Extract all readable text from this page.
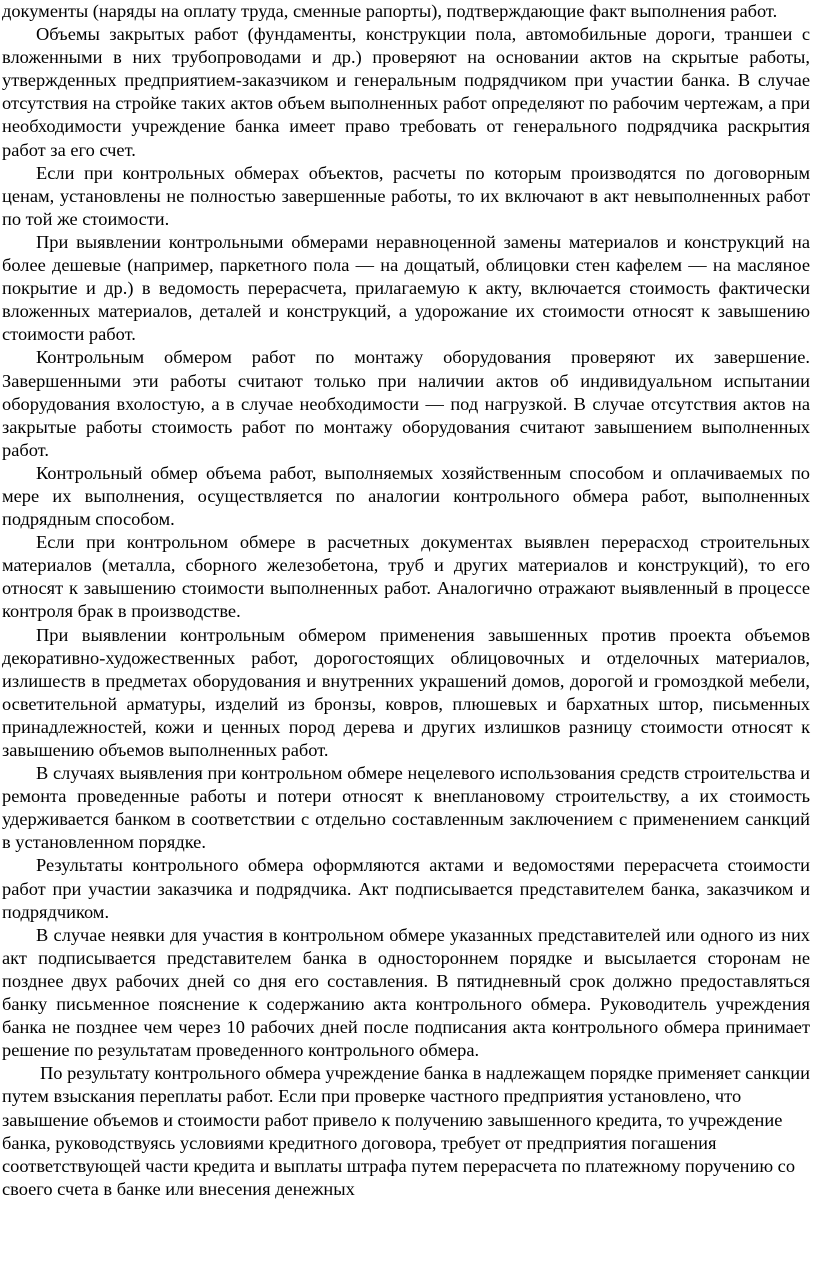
документы (наряды на оплату труда, сменные рапорты), подтверждающие факт выполнения работ.

Объемы закрытых работ (фундаменты, конструкции пола, автомобильные дороги, траншеи с вложенными в них трубопроводами и др.) проверяют на основании актов на скрытые работы, утвержденных предприятием-заказчиком и генеральным подрядчиком при участии банка. В случае отсутствия на стройке таких актов объем выполненных работ определяют по рабочим чертежам, а при необходимости учреждение банка имеет право требовать от генерального подрядчика раскрытия работ за его счет.

Если при контрольных обмерах объектов, расчеты по которым производятся по договорным ценам, установлены не полностью завершенные работы, то их включают в акт невыполненных работ по той же стоимости.

При выявлении контрольными обмерами неравноценной замены материалов и конструкций на более дешевые (например, паркетного пола — на дощатый, облицовки стен кафелем — на масляное покрытие и др.) в ведомость перерасчета, прилагаемую к акту, включается стоимость фактически вложенных материалов, деталей и конструкций, а удорожание их стоимости относят к завышению стоимости работ.

Контрольным обмером работ по монтажу оборудования проверяют их завершение. Завершенными эти работы считают только при наличии актов об индивидуальном испытании оборудования вхолостую, а в случае необходимости — под нагрузкой. В случае отсутствия актов на закрытые работы стоимость работ по монтажу оборудования считают завышением выполненных работ.

Контрольный обмер объема работ, выполняемых хозяйственным способом и оплачиваемых по мере их выполнения, осуществляется по аналогии контрольного обмера работ, выполненных подрядным способом.

Если при контрольном обмере в расчетных документах выявлен перерасход строительных материалов (металла, сборного железобетона, труб и других материалов и конструкций), то его относят к завышению стоимости выполненных работ. Аналогично отражают выявленный в процессе контроля брак в производстве.

При выявлении контрольным обмером применения завышенных против проекта объемов декоративно-художественных работ, дорогостоящих облицовочных и отделочных материалов, излишеств в предметах оборудования и внутренних украшений домов, дорогой и громоздкой мебели, осветительной арматуры, изделий из бронзы, ковров, плюшевых и бархатных штор, письменных принадлежностей, кожи и ценных пород дерева и других излишков разницу стоимости относят к завышению объемов выполненных работ.

В случаях выявления при контрольном обмере нецелевого использования средств строительства и ремонта проведенные работы и потери относят к внеплановому строительству, а их стоимость удерживается банком в соответствии с отдельно составленным заключением с применением санкций в установленном порядке.

Результаты контрольного обмера оформляются актами и ведомостями перерасчета стоимости работ при участии заказчика и подрядчика. Акт подписывается представителем банка, заказчиком и подрядчиком.

В случае неявки для участия в контрольном обмере указанных представителей или одного из них акт подписывается представителем банка в одностороннем порядке и высылается сторонам не позднее двух рабочих дней со дня его составления. В пятидневный срок должно предоставляться банку письменное пояснение к содержанию акта контрольного обмера. Руководитель учреждения банка не позднее чем через 10 рабочих дней после подписания акта контрольного обмера принимает решение по результатам проведенного контрольного обмера.

По результату контрольного обмера учреждение банка в надлежащем порядке применяет санкции путем взыскания переплаты работ. Если при проверке частного предприятия установлено, что завышение объемов и стоимости работ привело к получению завышенного кредита, то учреждение банка, руководствуясь условиями кредитного договора, требует от предприятия погашения соответствующей части кредита и выплаты штрафа путем перерасчета по платежному поручению со своего счета в банке или внесения денежных
